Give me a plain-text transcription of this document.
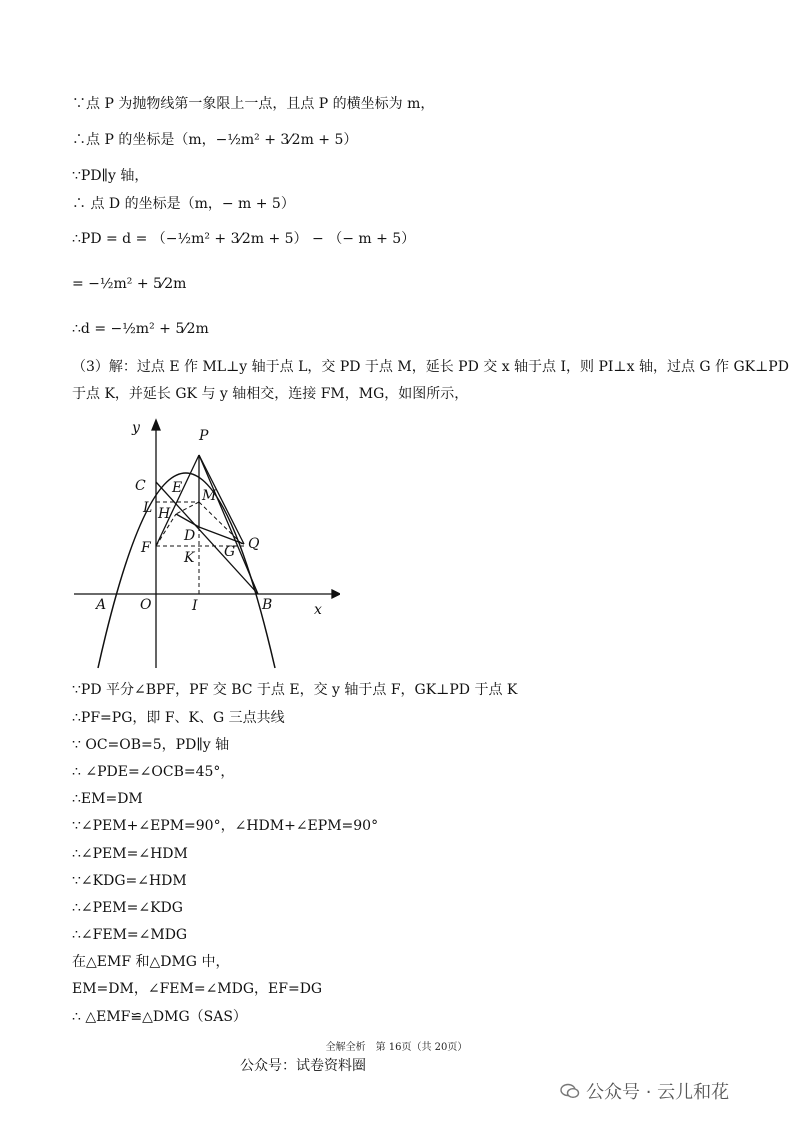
∵点 P 为抛物线第一象限上一点，且点 P 的横坐标为 m，
∴点 P 的坐标是（m，−½m² + 3⁄2m + 5）
∵PD∥y 轴，
∴ 点 D 的坐标是（m，− m + 5）
∴PD = d = （−½m² + 3⁄2m + 5） − （− m + 5）
= −½m² + 5⁄2m
∴d = −½m² + 5⁄2m
（3）解：过点 E 作 ML⊥y 轴于点 L，交 PD 于点 M，延长 PD 交 x 轴于点 I，则 PI⊥x 轴，过点 G 作 GK⊥PD
于点 K，并延长 GK 与 y 轴相交，连接 FM，MG，如图所示，
y	P
C E M
L H
D
F
K G Q
A O	I	B	x
∵PD 平分∠BPF，PF 交 BC 于点 E，交 y 轴于点 F，GK⊥PD 于点 K
∴PF=PG，即 F、K、G 三点共线
∵ OC=OB=5，PD∥y 轴
∴ ∠PDE=∠OCB=45°，
∴EM=DM
∵∠PEM+∠EPM=90°，∠HDM+∠EPM=90°
∴∠PEM=∠HDM
∵∠KDG=∠HDM
∴∠PEM=∠KDG
∴∠FEM=∠MDG
在△EMF 和△DMG 中，
EM=DM，∠FEM=∠MDG，EF=DG
∴ △EMF≌△DMG（SAS）
全解全析　第 16页（共 20页）
公众号：试卷资料圈
公众号 · 云儿和花
